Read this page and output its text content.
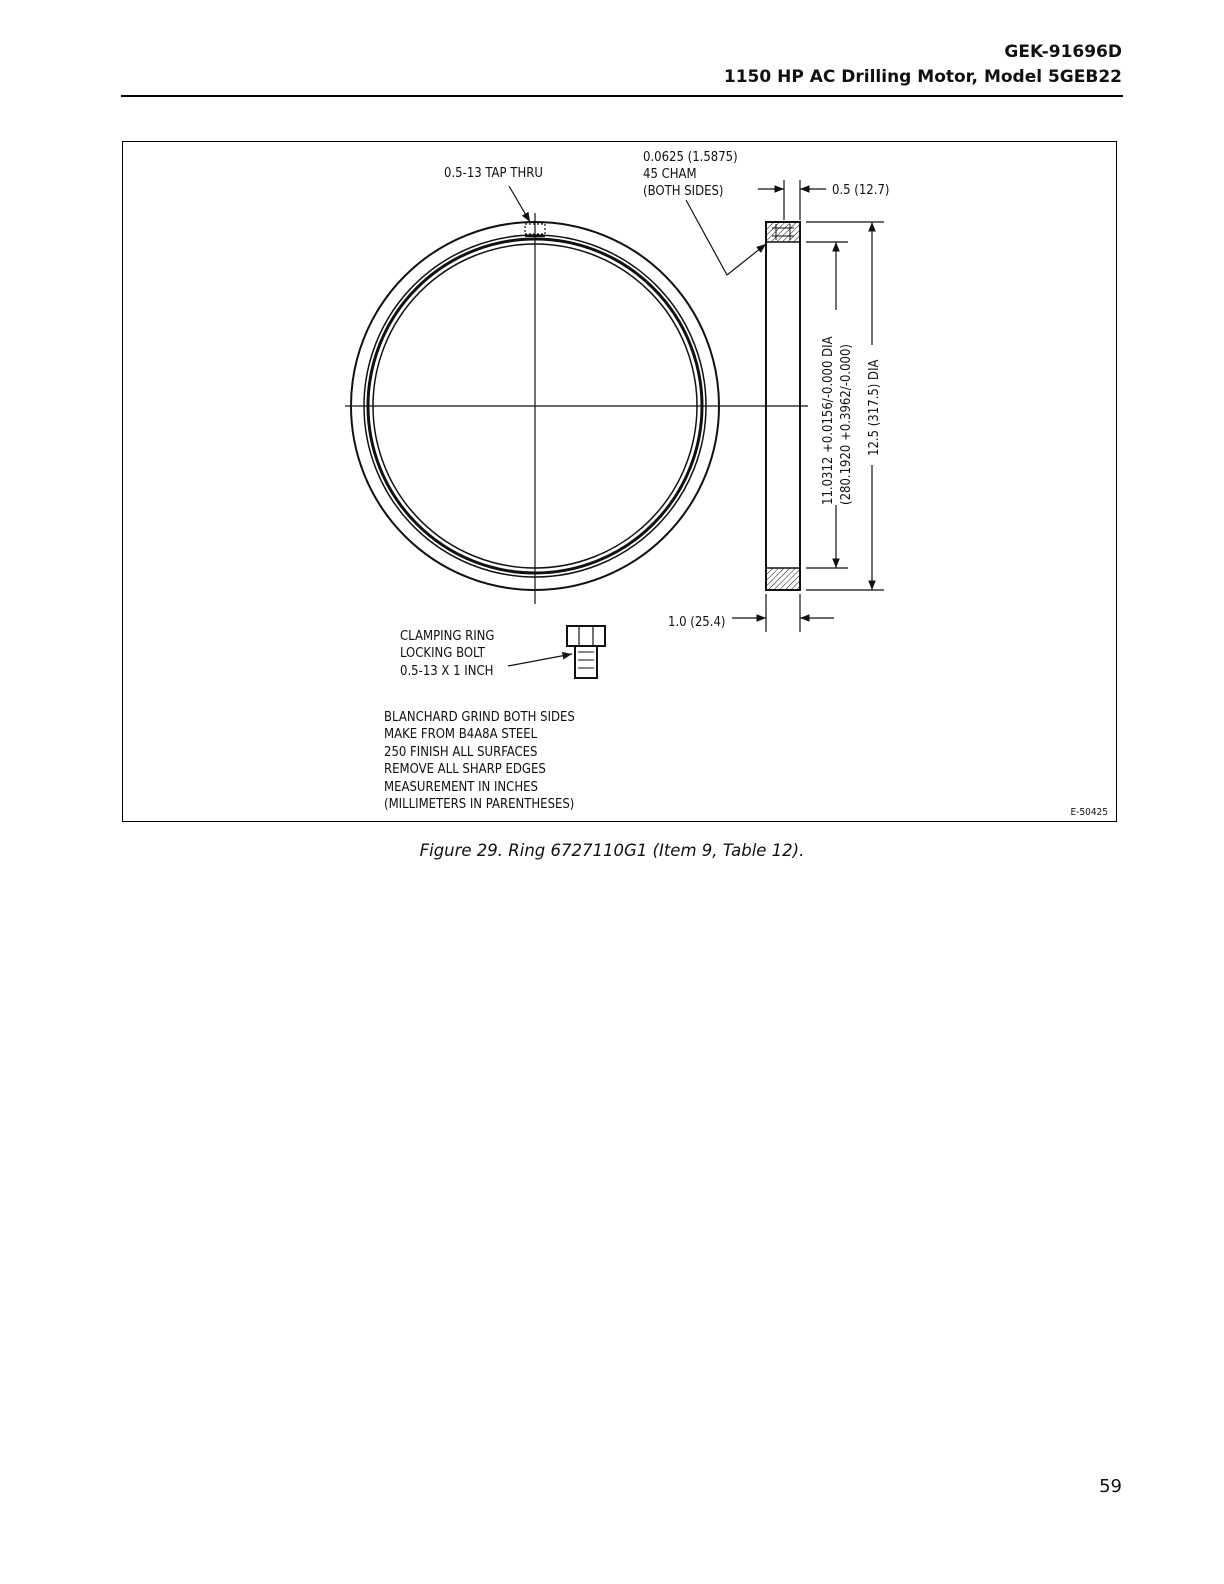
GEK-91696D
1150 HP AC Drilling Motor, Model 5GEB22
0.5-13 TAP THRU
0.0625 (1.5875)
45 CHAM
(BOTH SIDES)	0.5 (12.7)
11.0312 +0.0156/-0.000 DIA (280.1920 +0.3962/-0.000) 12.5 (317.5) DIA
1.0 (25.4)
CLAMPING RING
LOCKING BOLT
0.5-13 X 1 INCH
BLANCHARD GRIND BOTH SIDES
MAKE FROM B4A8A STEEL
250 FINISH ALL SURFACES
REMOVE ALL SHARP EDGES
MEASUREMENT IN INCHES
(MILLIMETERS IN PARENTHESES)
E-50425
Figure 29. Ring 6727110G1 (Item 9, Table 12).
59
